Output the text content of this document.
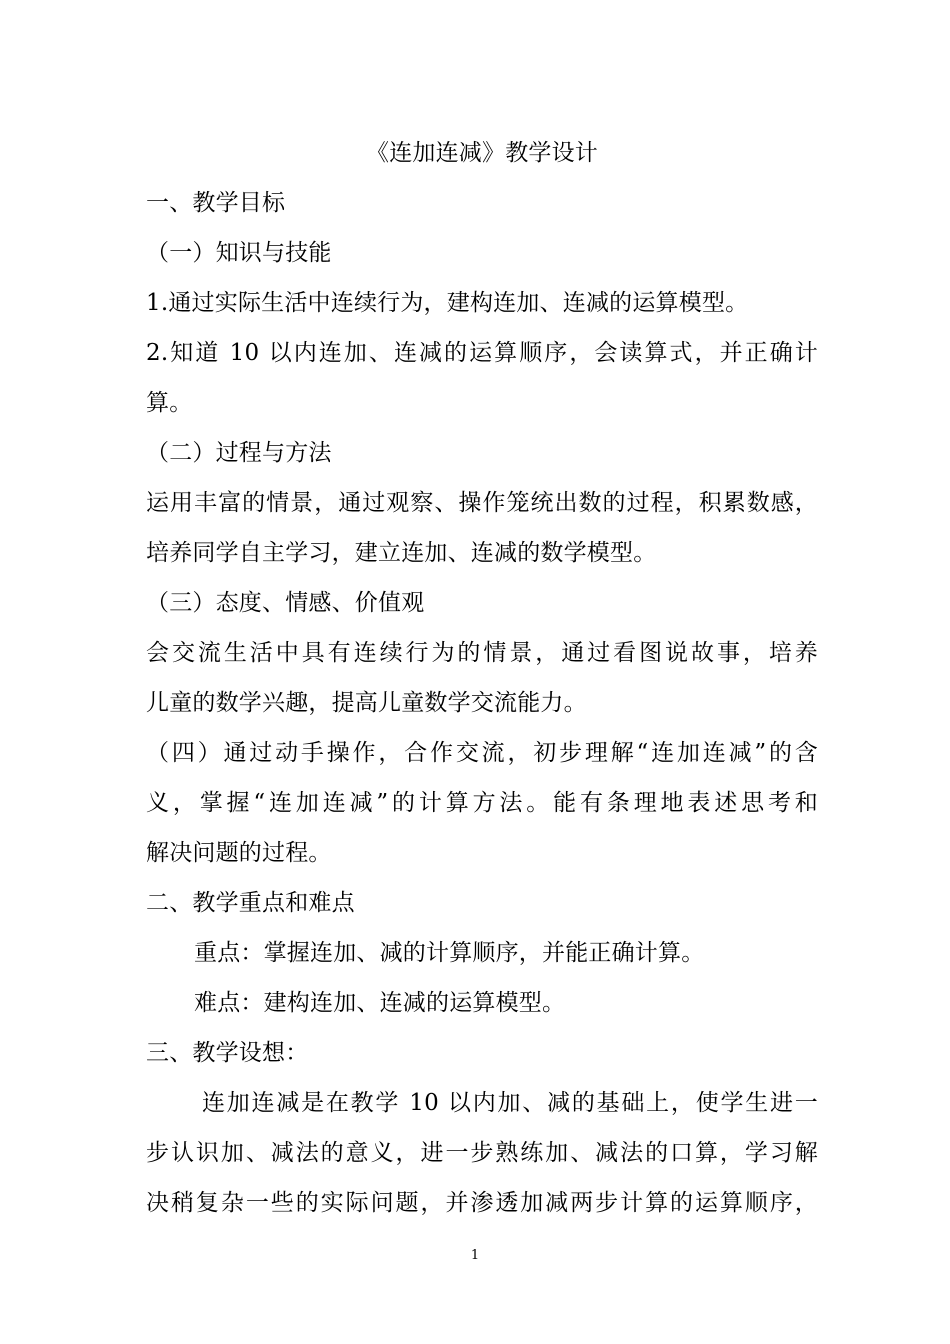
《连加连减》教学设计
一、教学目标
（一）知识与技能
1.通过实际生活中连续行为，建构连加、连减的运算模型。
2.知道 10 以内连加、连减的运算顺序，会读算式，并正确计
算。
（二）过程与方法
运用丰富的情景，通过观察、操作笼统出数的过程，积累数感，
培养同学自主学习，建立连加、连减的数学模型。
（三）态度、情感、价值观
会交流生活中具有连续行为的情景，通过看图说故事，培养
儿童的数学兴趣，提高儿童数学交流能力。
（四）通过动手操作，合作交流，初步理解“连加连减”的含
义，掌握“连加连减”的计算方法。能有条理地表述思考和
解决问题的过程。
二、教学重点和难点
重点：掌握连加、减的计算顺序，并能正确计算。
难点：建构连加、连减的运算模型。
三、教学设想：
连加连减是在教学 10 以内加、减的基础上，使学生进一
步认识加、减法的意义，进一步熟练加、减法的口算，学习解
决稍复杂一些的实际问题，并渗透加减两步计算的运算顺序，
1
